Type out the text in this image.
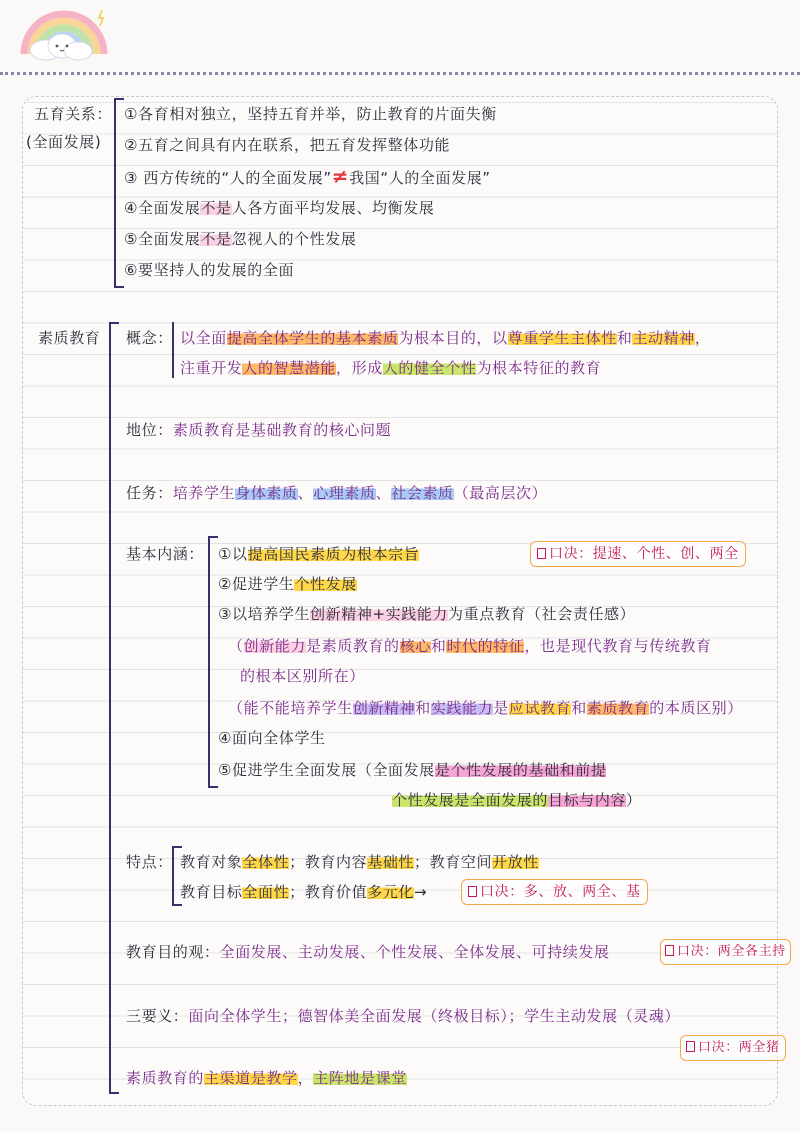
五育关系：
(全面发展)
①各育相对独立，坚持五育并举，防止教育的片面失衡
②五育之间具有内在联系，把五育发挥整体功能
③ 西方传统的“人的全面发展”≠我国“人的全面发展”
④全面发展不是人各方面平均发展、均衡发展
⑤全面发展不是忽视人的个性发展
⑥要坚持人的发展的全面
素质教育 概念： 以全面提高全体学生的基本素质为根本目的，以尊重学生主体性和主动精神，
注重开发人的智慧潜能，形成人的健全个性为根本特征的教育
地位：素质教育是基础教育的核心问题
任务：培养学生身体素质、心理素质、社会素质（最高层次）
基本内涵： ①以提高国民素质为根本宗旨	口决：提速、个性、创、两全
②促进学生个性发展
③以培养学生创新精神+实践能力为重点教育（社会责任感）
（创新能力是素质教育的核心和时代的特征，也是现代教育与传统教育
的根本区别所在）
（能不能培养学生创新精神和实践能力是应试教育和素质教育的本质区别）
④面向全体学生
⑤促进学生全面发展（全面发展是个性发展的基础和前提
个性发展是全面发展的目标与内容）
特点： 教育对象全体性；教育内容基础性；教育空间开放性
教育目标全面性；教育价值多元化→	口决：多、放、两全、基
教育目的观：全面发展、主动发展、个性发展、全体发展、可持续发展	口决：两全各主持
三要义：面向全体学生；德智体美全面发展（终极目标）；学生主动发展（灵魂）
口决：两全猪
素质教育的主渠道是教学，主阵地是课堂
